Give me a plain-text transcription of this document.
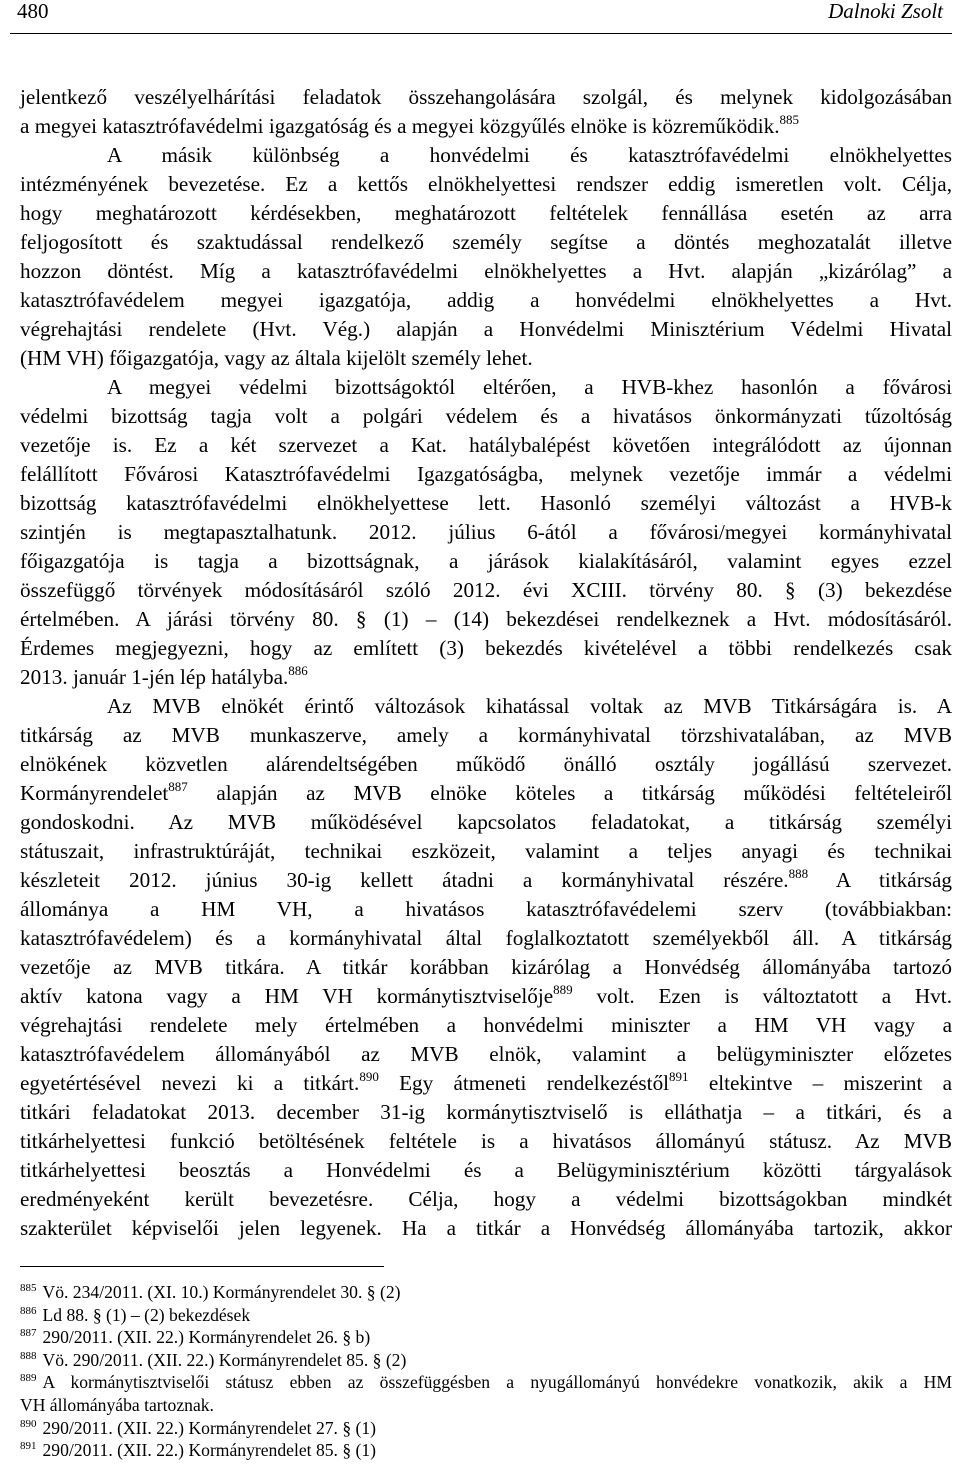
480	Dalnoki Zsolt
jelentkező veszélyelhárítási feladatok összehangolására szolgál, és melynek kidolgozásában
a megyei katasztrófavédelmi igazgatóság és a megyei közgyűlés elnöke is közreműködik.$^{885}$
A másik különbség a honvédelmi és katasztrófavédelmi elnökhelyettes
intézményének bevezetése. Ez a kettős elnökhelyettesi rendszer eddig ismeretlen volt. Célja,
hogy meghatározott kérdésekben, meghatározott feltételek fennállása esetén az arra
feljogosított és szaktudással rendelkező személy segítse a döntés meghozatalát illetve
hozzon döntést. Míg a katasztrófavédelmi elnökhelyettes a Hvt. alapján „kizárólag” a
katasztrófavédelem megyei igazgatója, addig a honvédelmi elnökhelyettes a Hvt.
végrehajtási rendelete (Hvt. Vég.) alapján a Honvédelmi Minisztérium Védelmi Hivatal
(HM VH) főigazgatója, vagy az általa kijelölt személy lehet.
A megyei védelmi bizottságoktól eltérően, a HVB-khez hasonlón a fővárosi
védelmi bizottság tagja volt a polgári védelem és a hivatásos önkormányzati tűzoltóság
vezetője is. Ez a két szervezet a Kat. hatálybalépést követően integrálódott az újonnan
felállított Fővárosi Katasztrófavédelmi Igazgatóságba, melynek vezetője immár a védelmi
bizottság katasztrófavédelmi elnökhelyettese lett. Hasonló személyi változást a HVB-k
szintjén is megtapasztalhatunk. 2012. július 6-ától a fővárosi/megyei kormányhivatal
főigazgatója is tagja a bizottságnak, a járások kialakításáról, valamint egyes ezzel
összefüggő törvények módosításáról szóló 2012. évi XCIII. törvény 80. § (3) bekezdése
értelmében. A járási törvény 80. § (1) – (14) bekezdései rendelkeznek a Hvt. módosításáról.
Érdemes megjegyezni, hogy az említett (3) bekezdés kivételével a többi rendelkezés csak
2013. január 1-jén lép hatályba.$^{886}$
Az MVB elnökét érintő változások kihatással voltak az MVB Titkárságára is. A
titkárság az MVB munkaszerve, amely a kormányhivatal törzshivatalában, az MVB
elnökének közvetlen alárendeltségében működő önálló osztály jogállású szervezet.
Kormányrendelet$^{887}$ alapján az MVB elnöke köteles a titkárság működési feltételeiről
gondoskodni. Az MVB működésével kapcsolatos feladatokat, a titkárság személyi
státuszait, infrastruktúráját, technikai eszközeit, valamint a teljes anyagi és technikai
készleteit 2012. június 30-ig kellett átadni a kormányhivatal részére.$^{888}$ A titkárság
állománya a HM VH, a hivatásos katasztrófavédelemi szerv (továbbiakban:
katasztrófavédelem) és a kormányhivatal által foglalkoztatott személyekből áll. A titkárság
vezetője az MVB titkára. A titkár korábban kizárólag a Honvédség állományába tartozó
aktív katona vagy a HM VH kormánytisztviselője$^{889}$ volt. Ezen is változtatott a Hvt.
végrehajtási rendelete mely értelmében a honvédelmi miniszter a HM VH vagy a
katasztrófavédelem állományából az MVB elnök, valamint a belügyminiszter előzetes
egyetértésével nevezi ki a titkárt.$^{890}$ Egy átmeneti rendelkezéstől$^{891}$ eltekintve – miszerint a
titkári feladatokat 2013. december 31-ig kormánytisztviselő is elláthatja – a titkári, és a
titkárhelyettesi funkció betöltésének feltétele is a hivatásos állományú státusz. Az MVB
titkárhelyettesi beosztás a Honvédelmi és a Belügyminisztérium közötti tárgyalások
eredményeként került bevezetésre. Célja, hogy a védelmi bizottságokban mindkét
szakterület képviselői jelen legyenek. Ha a titkár a Honvédség állományába tartozik, akkor
$^{885}$ Vö. 234/2011. (XI. 10.) Kormányrendelet 30. § (2)
$^{886}$ Ld 88. § (1) – (2) bekezdések
$^{887}$ 290/2011. (XII. 22.) Kormányrendelet 26. § b)
$^{888}$ Vö. 290/2011. (XII. 22.) Kormányrendelet 85. § (2)
$^{889}$ A kormánytisztviselői státusz ebben az összefüggésben a nyugállományú honvédekre vonatkozik, akik a HM
VH állományába tartoznak.
$^{890}$ 290/2011. (XII. 22.) Kormányrendelet 27. § (1)
$^{891}$ 290/2011. (XII. 22.) Kormányrendelet 85. § (1)
